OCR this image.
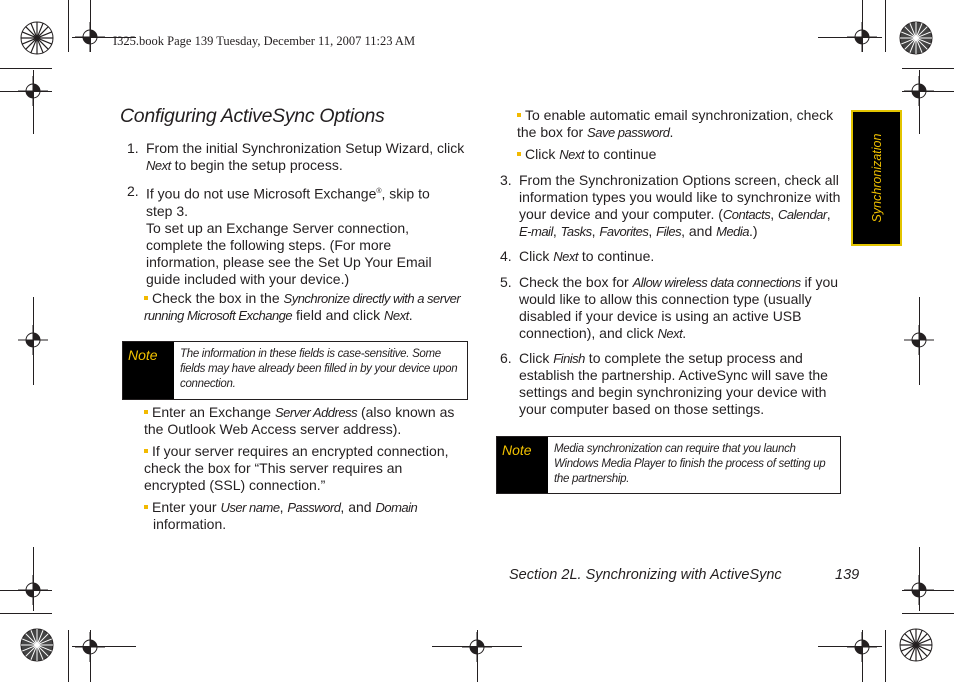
I325.book Page 139 Tuesday, December 11, 2007 11:23 AM
Configuring ActiveSync Options
1. From the initial Synchronization Setup Wizard, click
Next to begin the setup process.
2. If you do not use Microsoft Exchange®, skip to step 3.
To set up an Exchange Server connection, complete the following steps. (For more information, please see the Set Up Your Email guide included with your device.)
Check the box in the Synchronize directly with a server running Microsoft Exchange field and click Next.
Note	The information in these fields is case-sensitive. Some fields may have already been filled in by your device upon connection.
Enter an Exchange Server Address (also known as the Outlook Web Access server address).
If your server requires an encrypted connection, check the box for “This server requires an encrypted (SSL) connection.”
Enter your User name, Password, and Domain
information.
To enable automatic email synchronization, check the box for Save password.
Click Next to continue
3. From the Synchronization Options screen, check all information types you would like to synchronize with your device and your computer. (Contacts, Calendar, E-mail, Tasks, Favorites, Files, and Media.)
4. Click Next to continue.
5. Check the box for Allow wireless data connections if you would like to allow this connection type (usually disabled if your device is using an active USB connection), and click Next.
6. Click Finish to complete the setup process and establish the partnership. ActiveSync will save the settings and begin synchronizing your device with your computer based on those settings.
Note	Media synchronization can require that you launch Windows Media Player to finish the process of setting up the partnership.
Synchronization
Section 2L. Synchronizing with ActiveSync	139
